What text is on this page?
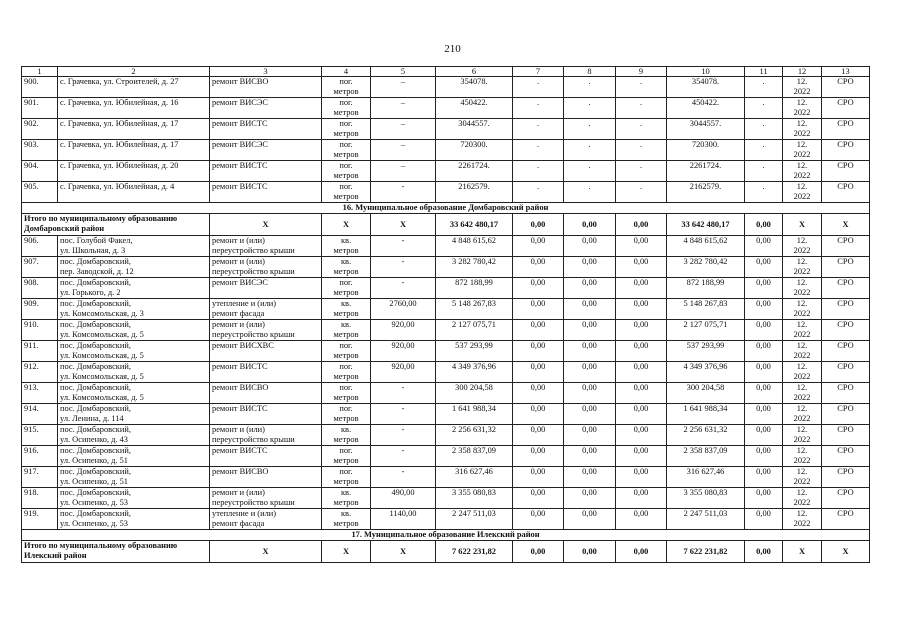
210
1	2	3	4	5	6	7	8	9	10	11	12	13
900.	с. Грачевка, ул. Строителей, д. 27	ремонт ВИСВО	пог.
метров	–	354078.	.	.	.	354078.	.	12.
2022	СРО
901.	с. Грачевка, ул. Юбилейная, д. 16	ремонт ВИСЭС	пог.
метров	–	450422.	.	.	.	450422.	.	12.
2022	СРО
902.	с. Грачевка, ул. Юбилейная, д. 17	ремонт ВИСТС	пог.
метров	–	3044557.	.	.	.	3044557.	.	12.
2022	СРО
903.	с. Грачевка, ул. Юбилейная, д. 17	ремонт ВИСЭС	пог.
метров	–	720300.	.	.	.	720300.	.	12.
2022	СРО
904.	с. Грачевка, ул. Юбилейная, д. 20	ремонт ВИСТС	пог.
метров	–	2261724.	.	.	.	2261724.	.	12.
2022	СРО
905.	с. Грачевка, ул. Юбилейная, д. 4	ремонт ВИСТС	пог.
метров	-	2162579.	.	.	.	2162579.	.	12.
2022	СРО
16. Муниципальное образование Домбаровский район												
Итого по муниципальному образованию Домбаровский район		X	X	X	33 642 480,17	0,00	0,00	0,00	33 642 480,17	0,00	X	X
906.	пос. Голубой Факел,
ул. Школьная, д. 3	ремонт и (или)
переустройство крыши	кв.
метров	-	4 848 615,62	0,00	0,00	0,00	4 848 615,62	0,00	12.
2022	СРО
907.	пос. Домбаровский,
пер. Заводской, д. 12	ремонт и (или)
переустройство крыши	кв.
метров	-	3 282 780,42	0,00	0,00	0,00	3 282 780,42	0,00	12.
2022	СРО
908.	пос. Домбаровский,
ул. Горького, д. 2	ремонт ВИСЭС	пог.
метров	-	872 188,99	0,00	0,00	0,00	872 188,99	0,00	12.
2022	СРО
909.	пос. Домбаровский,
ул. Комсомольская, д. 3	утепление и (или)
ремонт фасада	кв.
метров	2760,00	5 148 267,83	0,00	0,00	0,00	5 148 267,83	0,00	12.
2022	СРО
910.	пос. Домбаровский,
ул. Комсомольская, д. 5	ремонт и (или)
переустройство крыши	кв.
метров	920,00	2 127 075,71	0,00	0,00	0,00	2 127 075,71	0,00	12.
2022	СРО
911.	пос. Домбаровский,
ул. Комсомольская, д. 5	ремонт ВИСХВС	пог.
метров	920,00	537 293,99	0,00	0,00	0,00	537 293,99	0,00	12.
2022	СРО
912.	пос. Домбаровский,
ул. Комсомольская, д. 5	ремонт ВИСТС	пог.
метров	920,00	4 349 376,96	0,00	0,00	0,00	4 349 376,96	0,00	12.
2022	СРО
913.	пос. Домбаровский,
ул. Комсомольская, д. 5	ремонт ВИСВО	пог.
метров	-	300 204,58	0,00	0,00	0,00	300 204,58	0,00	12.
2022	СРО
914.	пос. Домбаровский,
ул. Ленина, д. 114	ремонт ВИСТС	пог.
метров	-	1 641 988,34	0,00	0,00	0,00	1 641 988,34	0,00	12.
2022	СРО
915.	пос. Домбаровский,
ул. Осипенко, д. 43	ремонт и (или)
переустройство крыши	кв.
метров	-	2 256 631,32	0,00	0,00	0,00	2 256 631,32	0,00	12.
2022	СРО
916.	пос. Домбаровский,
ул. Осипенко, д. 51	ремонт ВИСТС	пог.
метров	-	2 358 837,09	0,00	0,00	0,00	2 358 837,09	0,00	12.
2022	СРО
917.	пос. Домбаровский,
ул. Осипенко, д. 51	ремонт ВИСВО	пог.
метров	-	316 627,46	0,00	0,00	0,00	316 627,46	0,00	12.
2022	СРО
918.	пос. Домбаровский,
ул. Осипенко, д. 53	ремонт и (или)
переустройство крыши	кв.
метров	490,00	3 355 080,83	0,00	0,00	0,00	3 355 080,83	0,00	12.
2022	СРО
919.	пос. Домбаровский,
ул. Осипенко, д. 53	утепление и (или)
ремонт фасада	кв.
метров	1140,00	2 247 511,03	0,00	0,00	0,00	2 247 511,03	0,00	12.
2022	СРО
17. Муниципальное образование Илекский район												
Итого по муниципальному образованию Илекский район		X	X	X	7 622 231,82	0,00	0,00	0,00	7 622 231,82	0,00	X	X
